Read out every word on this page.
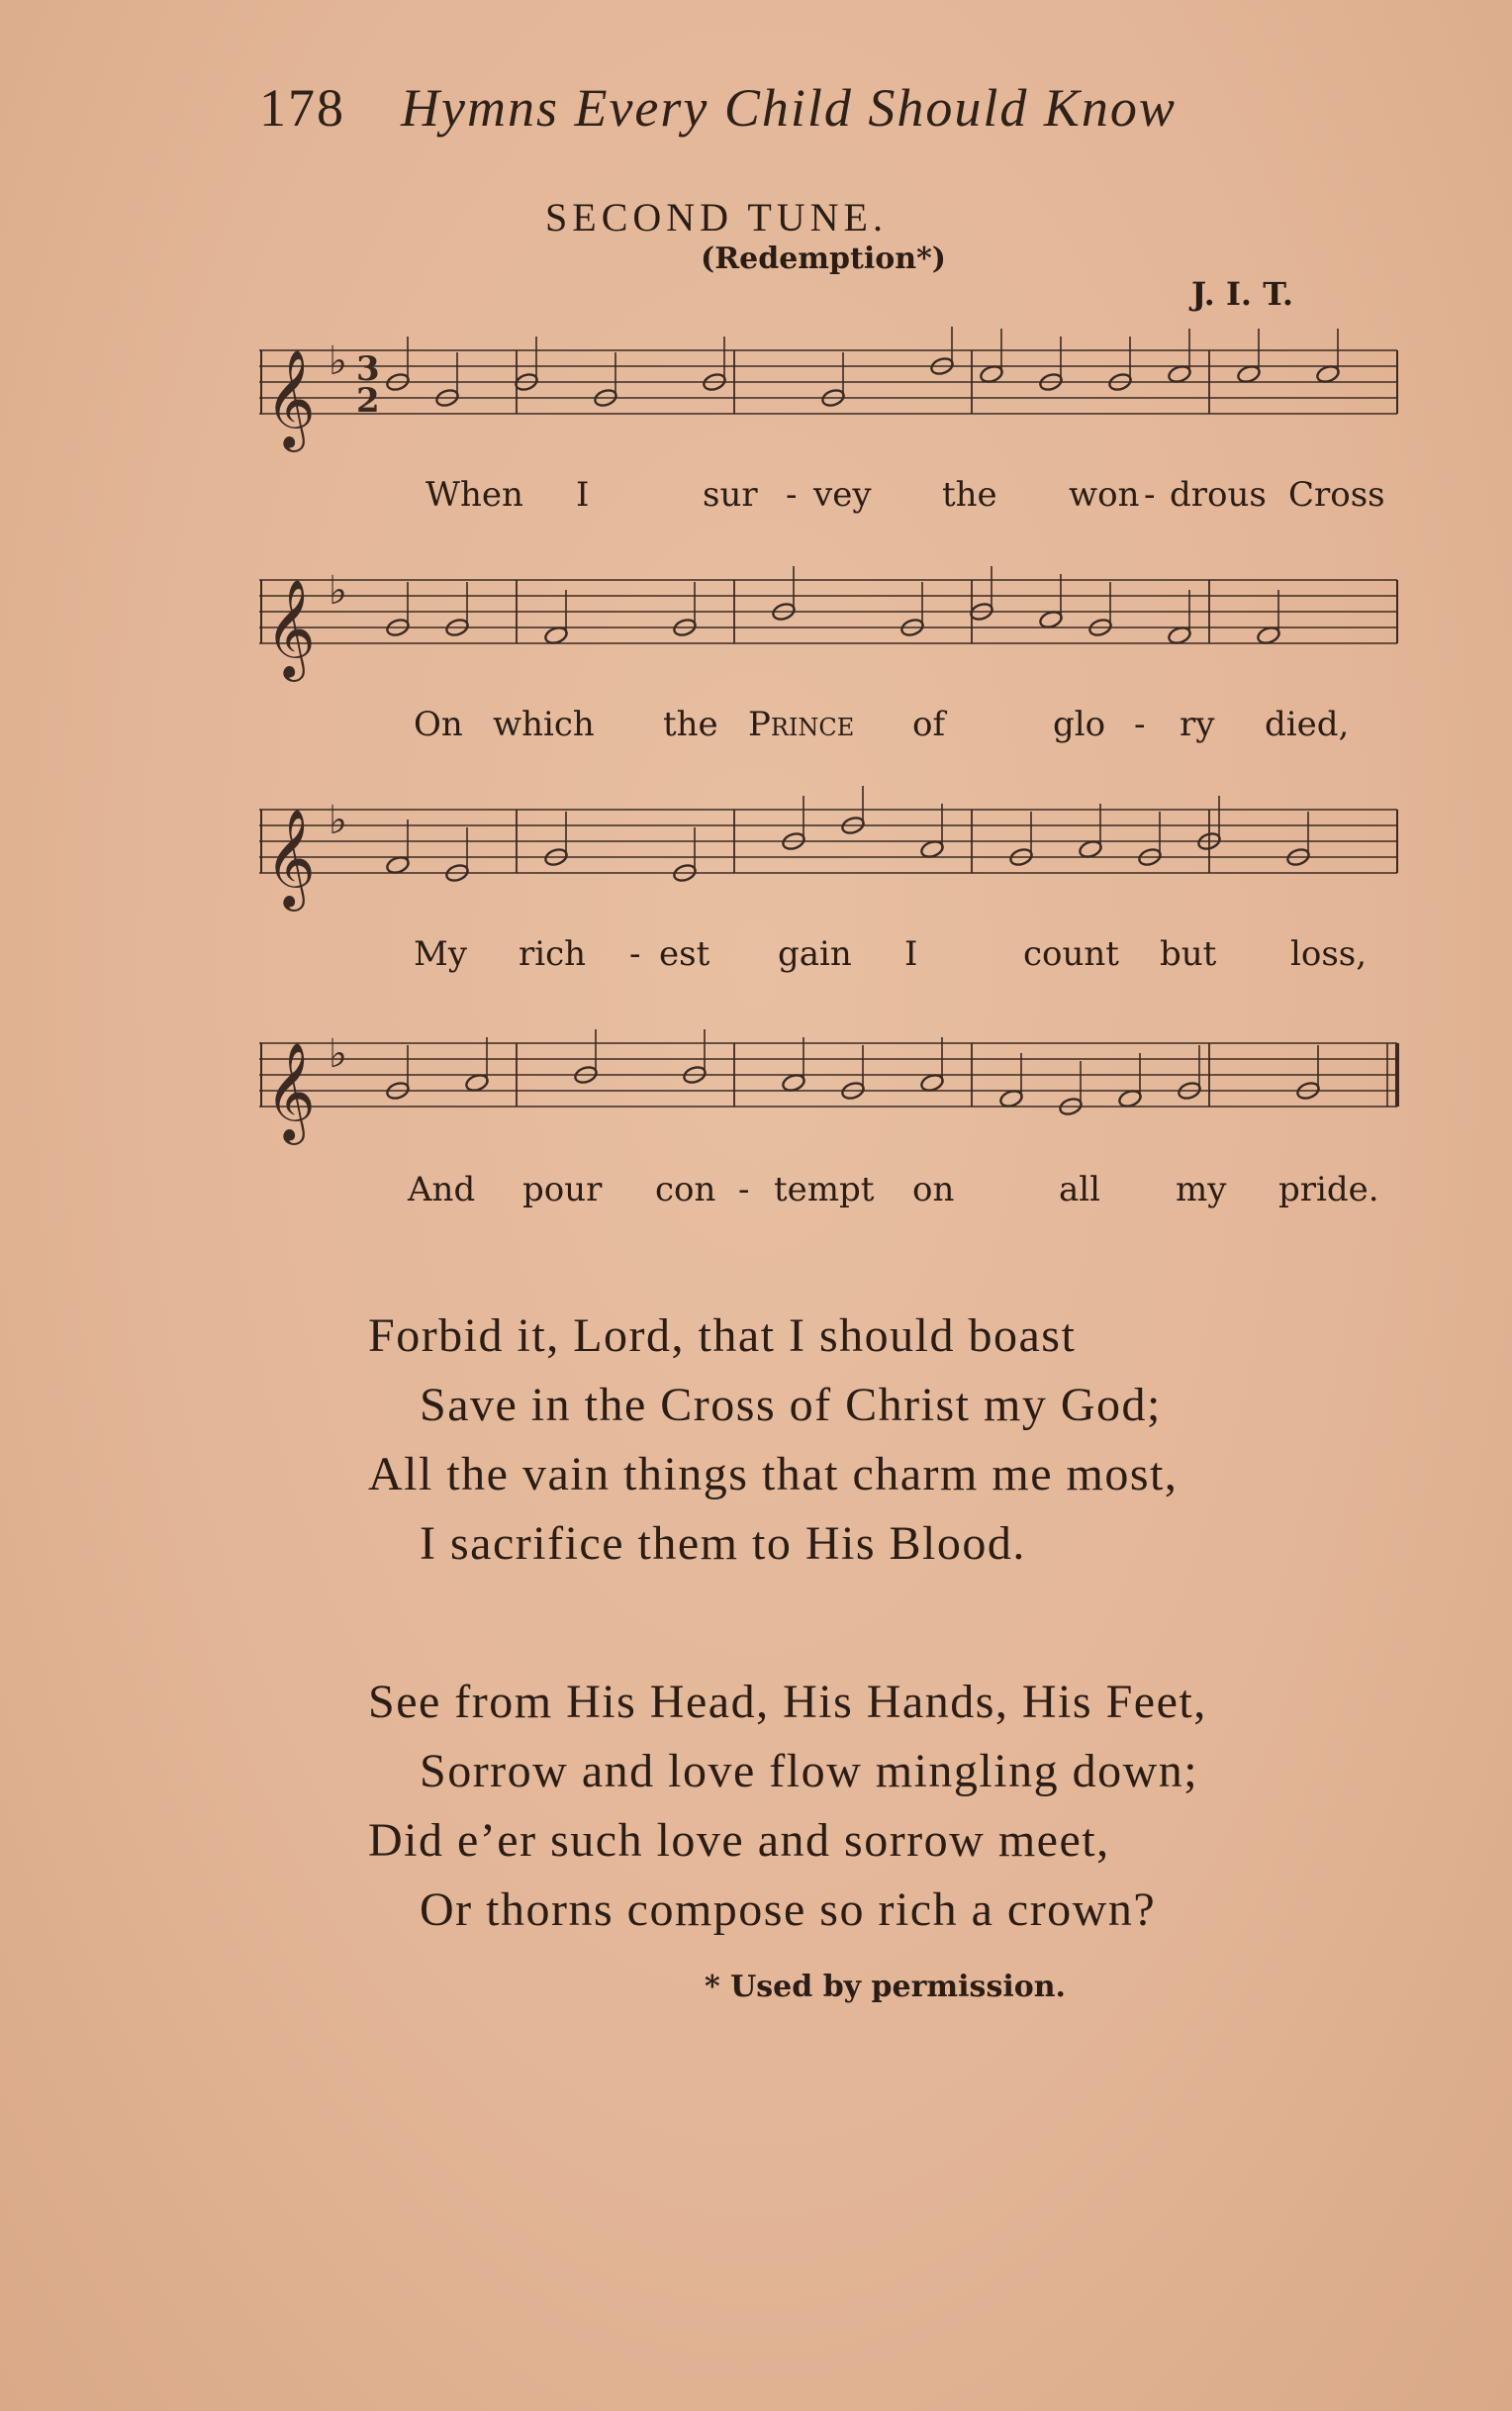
178 Hymns Every Child Should Know
SECOND TUNE.
(Redemption*)
J. I. T.
𝄞 ♭ 3
2
When I	sur - vey the won - drous Cross
𝄞 ♭
On which the Prince of	glo - ry died,
𝄞 ♭
My rich - est gain I	count but loss,
𝄞 ♭
And pour con - tempt on	all my pride.
Forbid it, Lord, that I should boast
Save in the Cross of Christ my God;
All the vain things that charm me most,
I sacrifice them to His Blood.
See from His Head, His Hands, His Feet,
Sorrow and love flow mingling down;
Did e’er such love and sorrow meet,
Or thorns compose so rich a crown?
* Used by permission.
